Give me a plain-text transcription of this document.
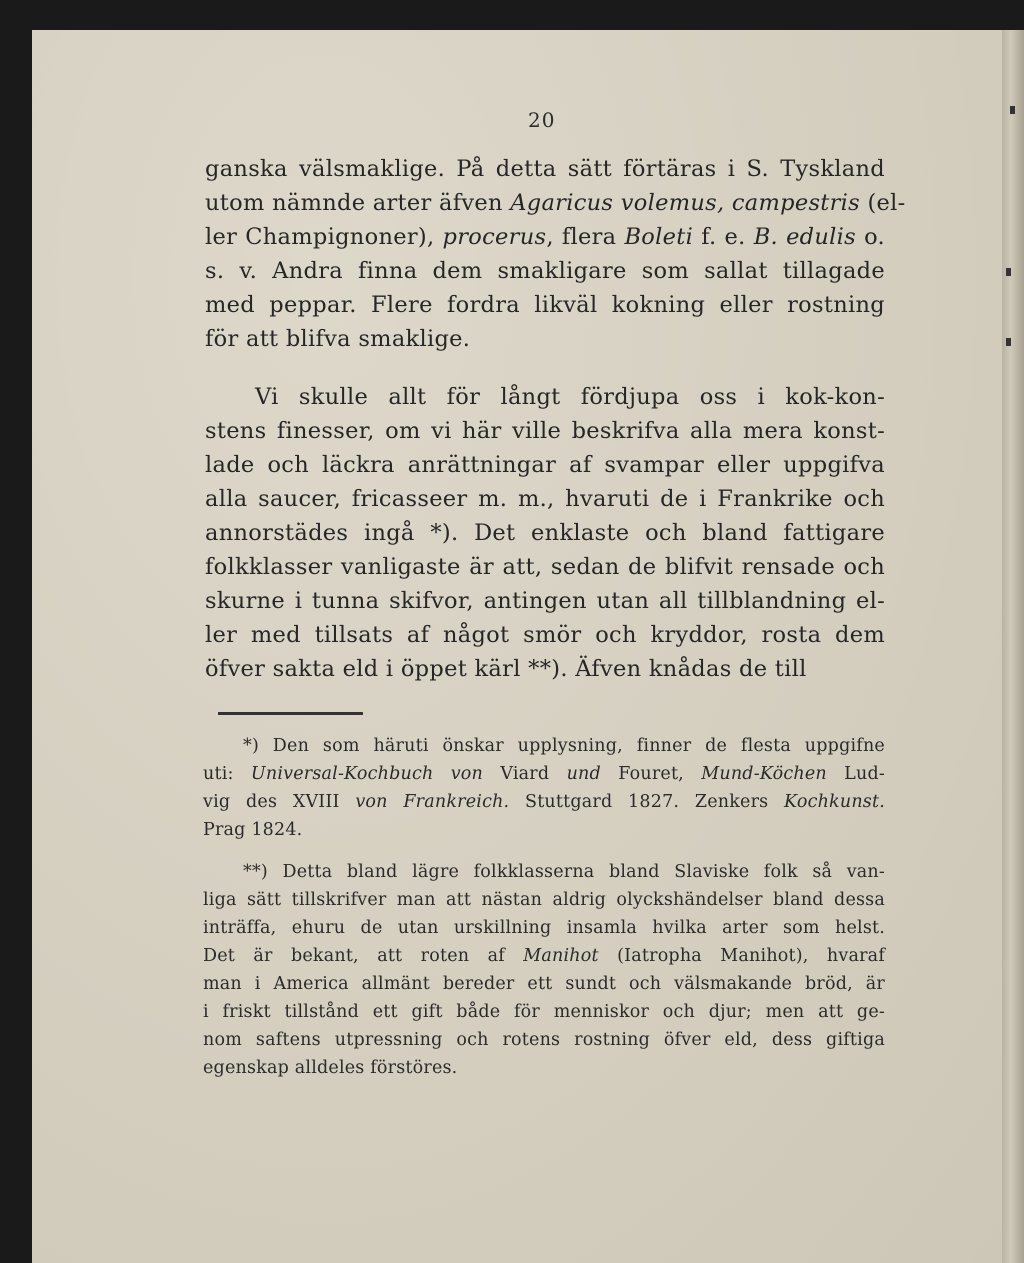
20
ganska välsmaklige. På detta sätt förtäras i S. Tyskland
utom nämnde arter äfven Agaricus volemus, campestris (el-
ler Champignoner), procerus, flera Boleti f. e. B. edulis o.
s. v. Andra finna dem smakligare som sallat tillagade
med peppar. Flere fordra likväl kokning eller rostning
för att blifva smaklige.
Vi skulle allt för långt fördjupa oss i kok-kon-
stens finesser, om vi här ville beskrifva alla mera konst-
lade och läckra anrättningar af svampar eller uppgifva
alla saucer, fricasseer m. m., hvaruti de i Frankrike och
annorstädes ingå *). Det enklaste och bland fattigare
folkklasser vanligaste är att, sedan de blifvit rensade och
skurne i tunna skifvor, antingen utan all tillblandning el-
ler med tillsats af något smör och kryddor, rosta dem
öfver sakta eld i öppet kärl **). Äfven knådas de till
*) Den som häruti önskar upplysning, finner de flesta uppgifne
uti: Universal-Kochbuch von Viard und Fouret, Mund-Köchen Lud-
vig des XVIII von Frankreich. Stuttgard 1827. Zenkers Kochkunst.
Prag 1824.
**) Detta bland lägre folkklasserna bland Slaviske folk så van-
liga sätt tillskrifver man att nästan aldrig olyckshändelser bland dessa
inträffa, ehuru de utan urskillning insamla hvilka arter som helst.
Det är bekant, att roten af Manihot (Iatropha Manihot), hvaraf
man i America allmänt bereder ett sundt och välsmakande bröd, är
i friskt tillstånd ett gift både för menniskor och djur; men att ge-
nom saftens utpressning och rotens rostning öfver eld, dess giftiga
egenskap alldeles förstöres.
